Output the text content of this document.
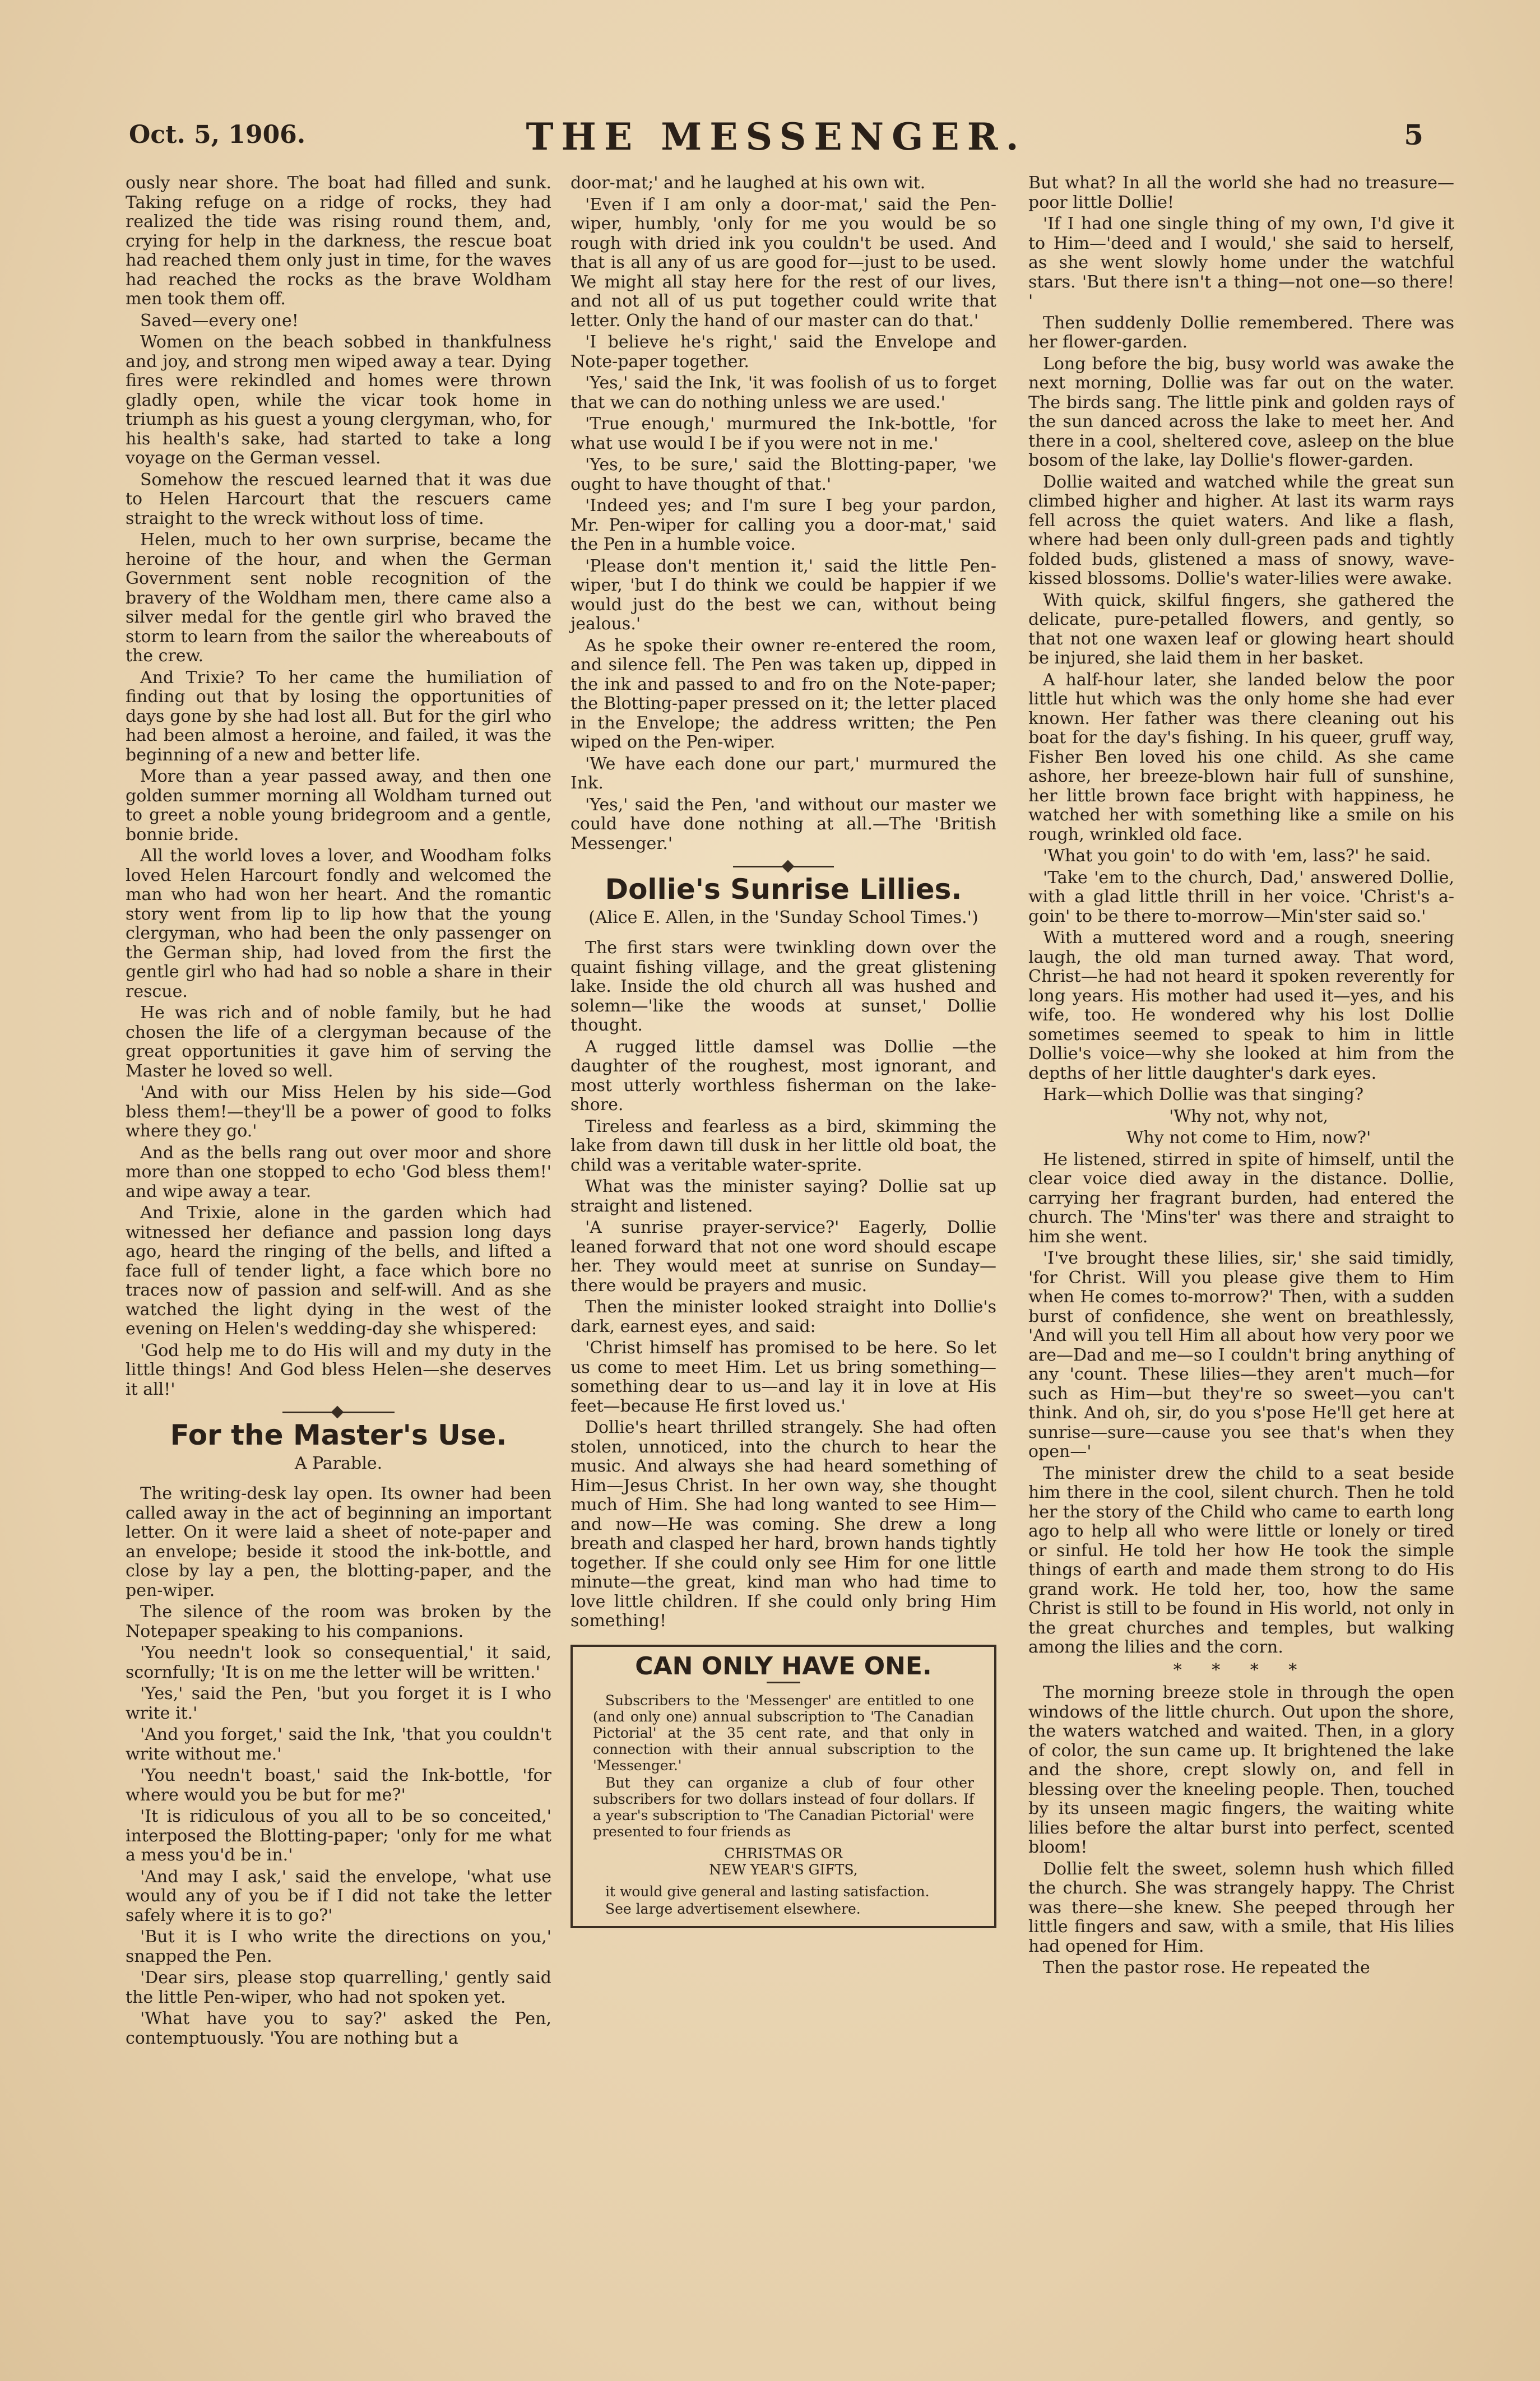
Oct. 5, 1906.	THE MESSENGER.	5

ously near shore. The boat had filled and sunk. Taking refuge on a ridge of rocks, they had realized the tide was rising round them, and, crying for help in the darkness, the rescue boat had reached them only just in time, for the waves had reached the rocks as the brave Woldham men took them off.

Saved—every one!

Women on the beach sobbed in thankfulness and joy, and strong men wiped away a tear. Dying fires were rekindled and homes were thrown gladly open, while the vicar took home in triumph as his guest a young clergyman, who, for his health's sake, had started to take a long voyage on the German vessel.

Somehow the rescued learned that it was due to Helen Harcourt that the rescuers came straight to the wreck without loss of time.

Helen, much to her own surprise, became the heroine of the hour, and when the German Government sent noble recognition of the bravery of the Woldham men, there came also a silver medal for the gentle girl who braved the storm to learn from the sailor the whereabouts of the crew.

And Trixie? To her came the humiliation of finding out that by losing the opportunities of days gone by she had lost all. But for the girl who had been almost a heroine, and failed, it was the beginning of a new and better life.

More than a year passed away, and then one golden summer morning all Woldham turned out to greet a noble young bridegroom and a gentle, bonnie bride.

All the world loves a lover, and Woodham folks loved Helen Harcourt fondly and welcomed the man who had won her heart. And the romantic story went from lip to lip how that the young clergyman, who had been the only passenger on the German ship, had loved from the first the gentle girl who had had so noble a share in their rescue.

He was rich and of noble family, but he had chosen the life of a clergyman because of the great opportunities it gave him of serving the Master he loved so well.

'And with our Miss Helen by his side—God bless them!—they'll be a power of good to folks where they go.'

And as the bells rang out over moor and shore more than one stopped to echo 'God bless them!' and wipe away a tear.

And Trixie, alone in the garden which had witnessed her defiance and passion long days ago, heard the ringing of the bells, and lifted a face full of tender light, a face which bore no traces now of passion and self-will. And as she watched the light dying in the west of the evening on Helen's wedding-day she whispered:

'God help me to do His will and my duty in the little things! And God bless Helen—she deserves it all!'

For the Master's Use.
A Parable.

The writing-desk lay open. Its owner had been called away in the act of beginning an important letter. On it were laid a sheet of note-paper and an envelope; beside it stood the ink-bottle, and close by lay a pen, the blotting-paper, and the pen-wiper.

The silence of the room was broken by the Notepaper speaking to his companions.

'You needn't look so consequential,' it said, scornfully; 'It is on me the letter will be written.'

'Yes,' said the Pen, 'but you forget it is I who write it.'

'And you forget,' said the Ink, 'that you couldn't write without me.'

'You needn't boast,' said the Ink-bottle, 'for where would you be but for me?'

'It is ridiculous of you all to be so conceited,' interposed the Blotting-paper; 'only for me what a mess you'd be in.'

'And may I ask,' said the envelope, 'what use would any of you be if I did not take the letter safely where it is to go?'

'But it is I who write the directions on you,' snapped the Pen.

'Dear sirs, please stop quarrelling,' gently said the little Pen-wiper, who had not spoken yet.

'What have you to say?' asked the Pen, contemptuously. 'You are nothing but a

door-mat;' and he laughed at his own wit.

'Even if I am only a door-mat,' said the Pen-wiper, humbly, 'only for me you would be so rough with dried ink you couldn't be used. And that is all any of us are good for—just to be used. We might all stay here for the rest of our lives, and not all of us put together could write that letter. Only the hand of our master can do that.'

'I believe he's right,' said the Envelope and Note-paper together.

'Yes,' said the Ink, 'it was foolish of us to forget that we can do nothing unless we are used.'

'True enough,' murmured the Ink-bottle, 'for what use would I be if you were not in me.'

'Yes, to be sure,' said the Blotting-paper, 'we ought to have thought of that.'

'Indeed yes; and I'm sure I beg your pardon, Mr. Pen-wiper for calling you a door-mat,' said the Pen in a humble voice.

'Please don't mention it,' said the little Pen-wiper, 'but I do think we could be happier if we would just do the best we can, without being jealous.'

As he spoke their owner re-entered the room, and silence fell. The Pen was taken up, dipped in the ink and passed to and fro on the Note-paper; the Blotting-paper pressed on it; the letter placed in the Envelope; the address written; the Pen wiped on the Pen-wiper.

'We have each done our part,' murmured the Ink.

'Yes,' said the Pen, 'and without our master we could have done nothing at all.—The 'British Messenger.'

Dollie's Sunrise Lillies.
(Alice E. Allen, in the 'Sunday School Times.')

The first stars were twinkling down over the quaint fishing village, and the great glistening lake. Inside the old church all was hushed and solemn—'like the woods at sunset,' Dollie thought.

A rugged little damsel was Dollie —the daughter of the roughest, most ignorant, and most utterly worthless fisherman on the lake-shore.

Tireless and fearless as a bird, skimming the lake from dawn till dusk in her little old boat, the child was a veritable water-sprite.

What was the minister saying? Dollie sat up straight and listened.

'A sunrise prayer-service?' Eagerly, Dollie leaned forward that not one word should escape her. They would meet at sunrise on Sunday—there would be prayers and music.

Then the minister looked straight into Dollie's dark, earnest eyes, and said:

'Christ himself has promised to be here. So let us come to meet Him. Let us bring something—something dear to us—and lay it in love at His feet—because He first loved us.'

Dollie's heart thrilled strangely. She had often stolen, unnoticed, into the church to hear the music. And always she had heard something of Him—Jesus Christ. In her own way, she thought much of Him. She had long wanted to see Him—and now—He was coming. She drew a long breath and clasped her hard, brown hands tightly together. If she could only see Him for one little minute—the great, kind man who had time to love little children. If she could only bring Him something!

CAN ONLY HAVE ONE.

Subscribers to the 'Messenger' are entitled to one (and only one) annual subscription to 'The Canadian Pictorial' at the 35 cent rate, and that only in connection with their annual subscription to the 'Messenger.'

But they can organize a club of four other subscribers for two dollars instead of four dollars. If a year's subscription to 'The Canadian Pictorial' were presented to four friends as

CHRISTMAS OR
NEW YEAR'S GIFTS,

it would give general and lasting satisfaction.

See large advertisement elsewhere.

But what? In all the world she had no treasure—poor little Dollie!

'If I had one single thing of my own, I'd give it to Him—'deed and I would,' she said to herself, as she went slowly home under the watchful stars. 'But there isn't a thing—not one—so there! '

Then suddenly Dollie remembered. There was her flower-garden.

Long before the big, busy world was awake the next morning, Dollie was far out on the water. The birds sang. The little pink and golden rays of the sun danced across the lake to meet her. And there in a cool, sheltered cove, asleep on the blue bosom of the lake, lay Dollie's flower-garden.

Dollie waited and watched while the great sun climbed higher and higher. At last its warm rays fell across the quiet waters. And like a flash, where had been only dull-green pads and tightly folded buds, glistened a mass of snowy, wave-kissed blossoms. Dollie's water-lilies were awake.

With quick, skilful fingers, she gathered the delicate, pure-petalled flowers, and gently, so that not one waxen leaf or glowing heart should be injured, she laid them in her basket.

A half-hour later, she landed below the poor little hut which was the only home she had ever known. Her father was there cleaning out his boat for the day's fishing. In his queer, gruff way, Fisher Ben loved his one child. As she came ashore, her breeze-blown hair full of sunshine, her little brown face bright with happiness, he watched her with something like a smile on his rough, wrinkled old face.

'What you goin' to do with 'em, lass?' he said.

'Take 'em to the church, Dad,' answered Dollie, with a glad little thrill in her voice. 'Christ's a-goin' to be there to-morrow—Min'ster said so.'

With a muttered word and a rough, sneering laugh, the old man turned away. That word, Christ—he had not heard it spoken reverently for long years. His mother had used it—yes, and his wife, too. He wondered why his lost Dollie sometimes seemed to speak to him in little Dollie's voice—why she looked at him from the depths of her little daughter's dark eyes.

Hark—which Dollie was that singing?

'Why not, why not,

Why not come to Him, now?'

He listened, stirred in spite of himself, until the clear voice died away in the distance. Dollie, carrying her fragrant burden, had entered the church. The 'Mins'ter' was there and straight to him she went.

'I've brought these lilies, sir,' she said timidly, 'for Christ. Will you please give them to Him when He comes to-morrow?' Then, with a sudden burst of confidence, she went on breathlessly, 'And will you tell Him all about how very poor we are—Dad and me—so I couldn't bring anything of any 'count. These lilies—they aren't much—for such as Him—but they're so sweet—you can't think. And oh, sir, do you s'pose He'll get here at sunrise—sure—cause you see that's when they open—'

The minister drew the child to a seat beside him there in the cool, silent church. Then he told her the story of the Child who came to earth long ago to help all who were little or lonely or tired or sinful. He told her how He took the simple things of earth and made them strong to do His grand work. He told her, too, how the same Christ is still to be found in His world, not only in the great churches and temples, but walking among the lilies and the corn.

* * * *

The morning breeze stole in through the open windows of the little church. Out upon the shore, the waters watched and waited. Then, in a glory of color, the sun came up. It brightened the lake and the shore, crept slowly on, and fell in blessing over the kneeling people. Then, touched by its unseen magic fingers, the waiting white lilies before the altar burst into perfect, scented bloom!

Dollie felt the sweet, solemn hush which filled the church. She was strangely happy. The Christ was there—she knew. She peeped through her little fingers and saw, with a smile, that His lilies had opened for Him.

Then the pastor rose. He repeated the
